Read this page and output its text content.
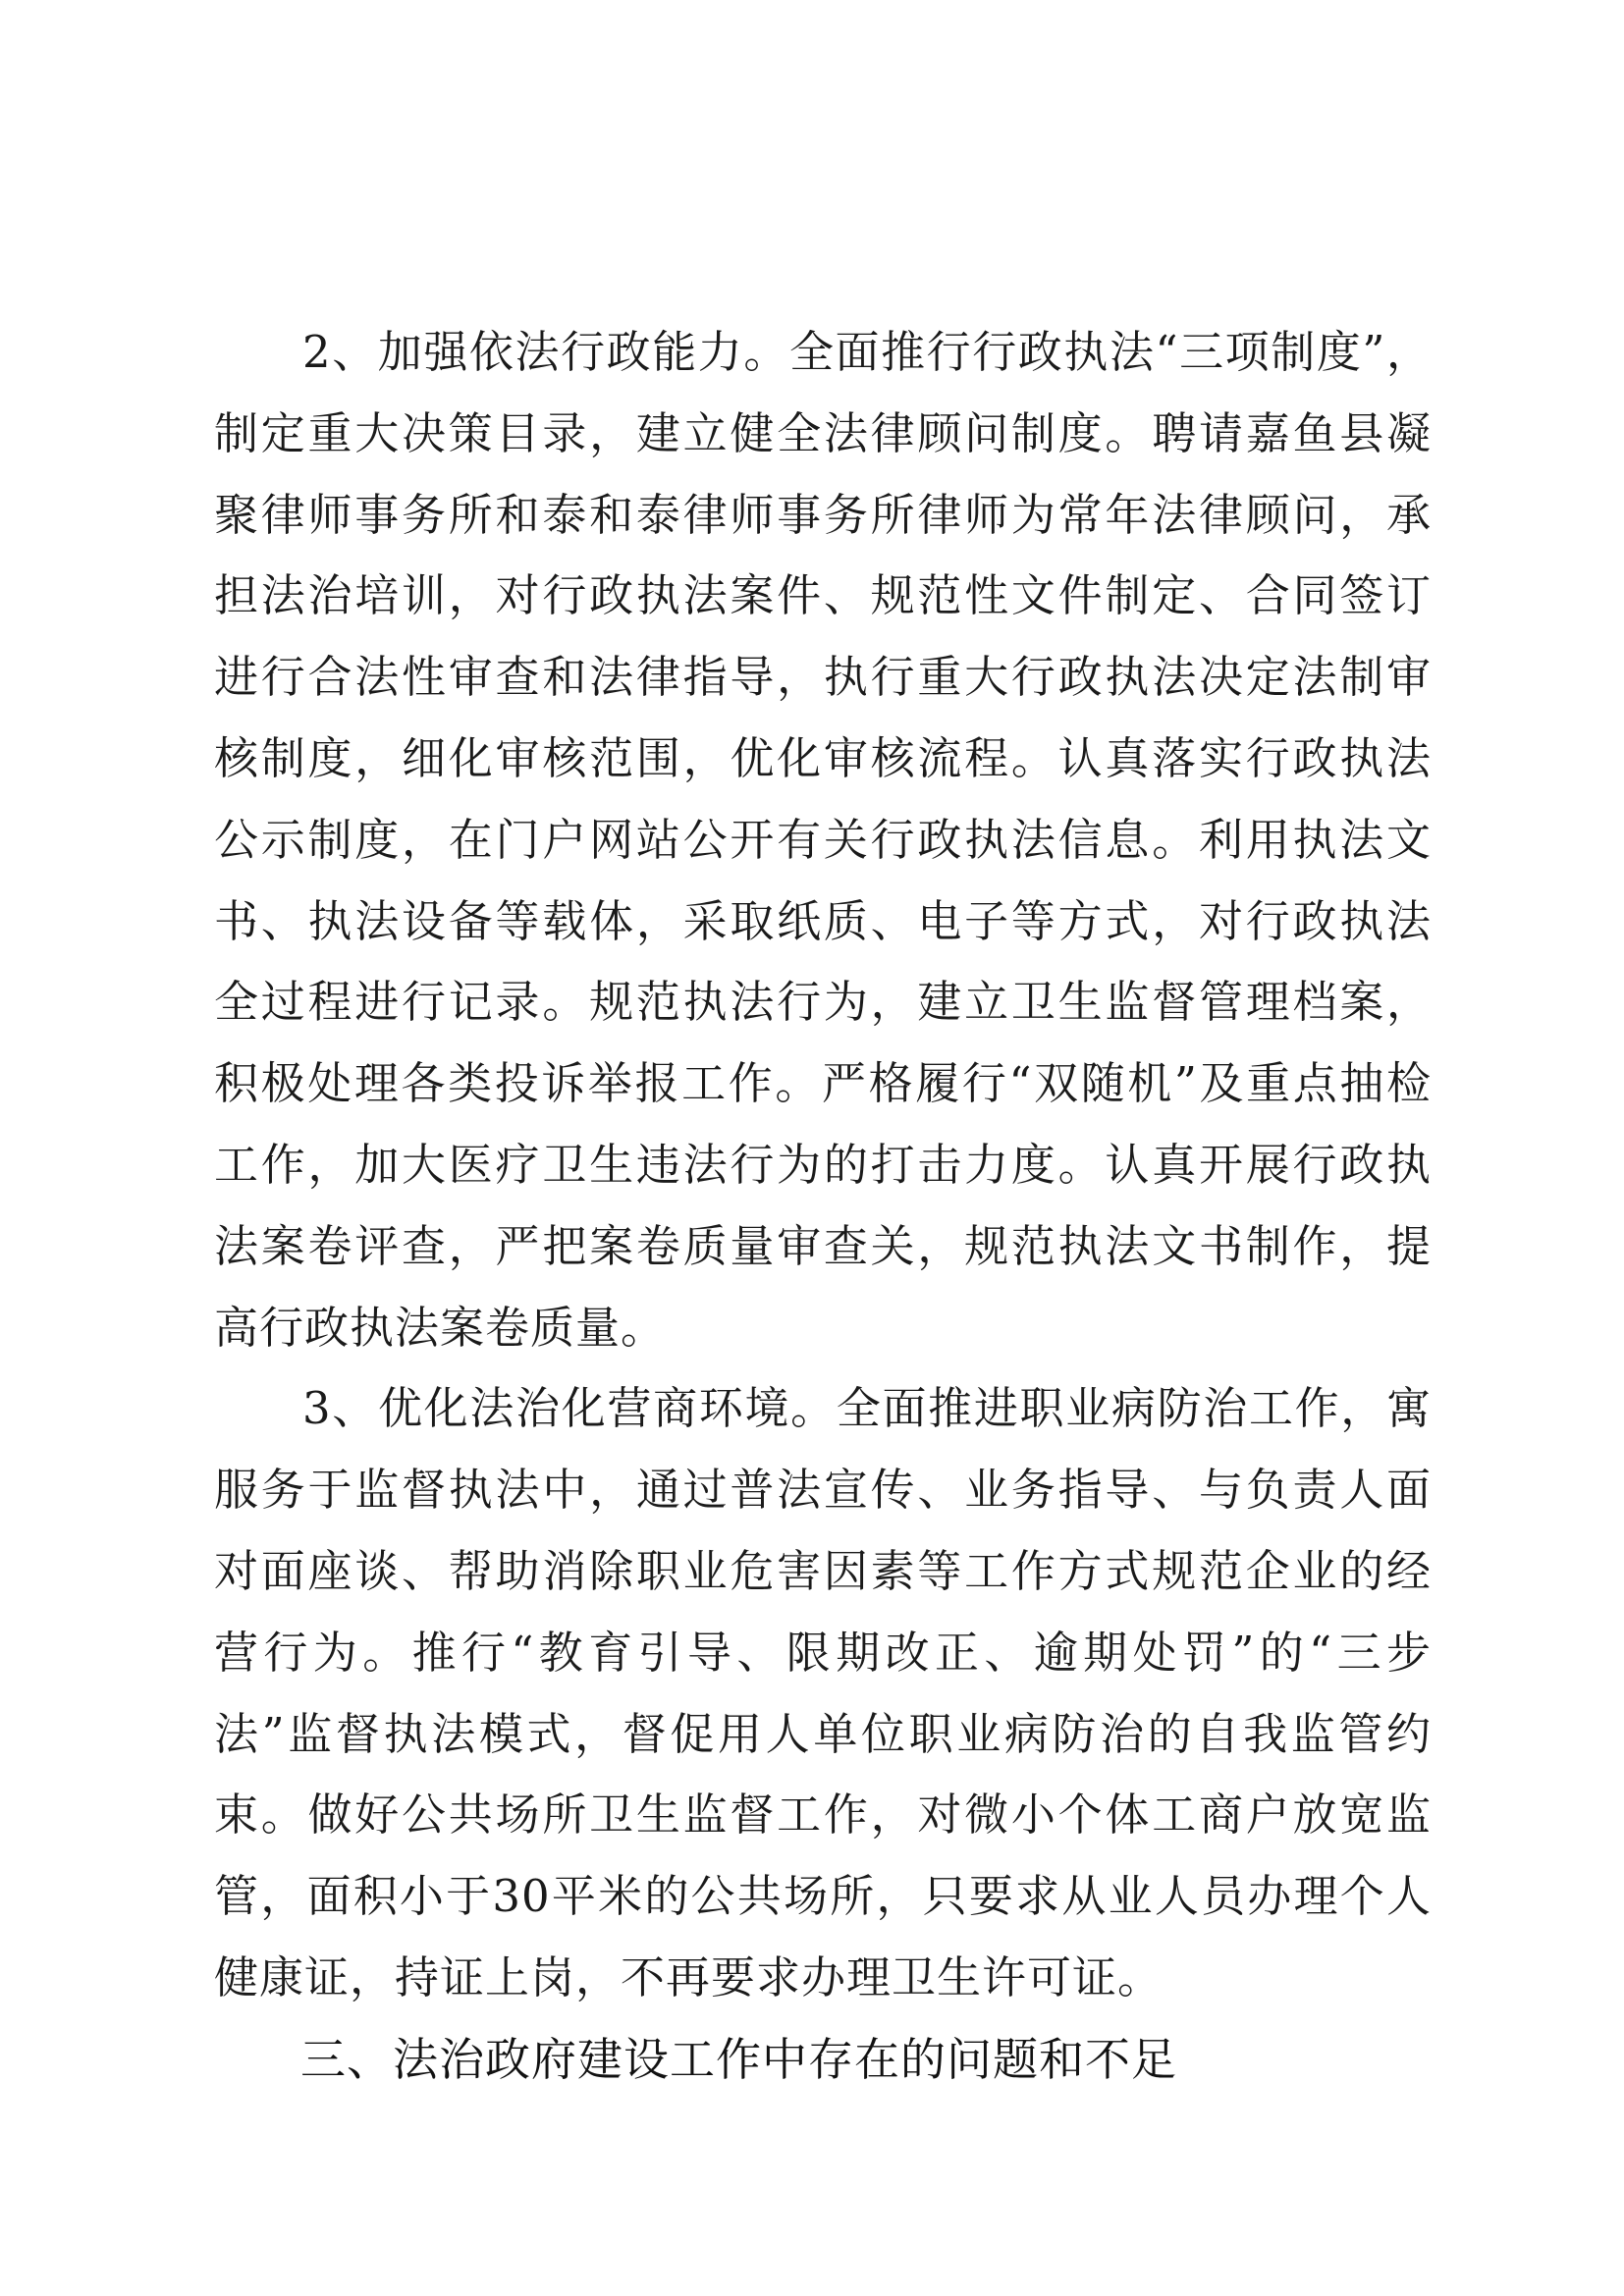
2、加强依法行政能力。全面推行行政执法“三项制度”，制定重大决策目录，建立健全法律顾问制度。聘请嘉鱼县凝聚律师事务所和泰和泰律师事务所律师为常年法律顾问，承担法治培训，对行政执法案件、规范性文件制定、合同签订进行合法性审查和法律指导，执行重大行政执法决定法制审核制度，细化审核范围，优化审核流程。认真落实行政执法公示制度，在门户网站公开有关行政执法信息。利用执法文书、执法设备等载体，采取纸质、电子等方式，对行政执法全过程进行记录。规范执法行为，建立卫生监督管理档案，积极处理各类投诉举报工作。严格履行“双随机”及重点抽检工作，加大医疗卫生违法行为的打击力度。认真开展行政执法案卷评查，严把案卷质量审查关，规范执法文书制作，提高行政执法案卷质量。

3、优化法治化营商环境。全面推进职业病防治工作，寓服务于监督执法中，通过普法宣传、业务指导、与负责人面对面座谈、帮助消除职业危害因素等工作方式规范企业的经营行为。推行“教育引导、限期改正、逾期处罚”的“三步法”监督执法模式，督促用人单位职业病防治的自我监管约束。做好公共场所卫生监督工作，对微小个体工商户放宽监管，面积小于30平米的公共场所，只要求从业人员办理个人健康证，持证上岗，不再要求办理卫生许可证。

三、法治政府建设工作中存在的问题和不足
